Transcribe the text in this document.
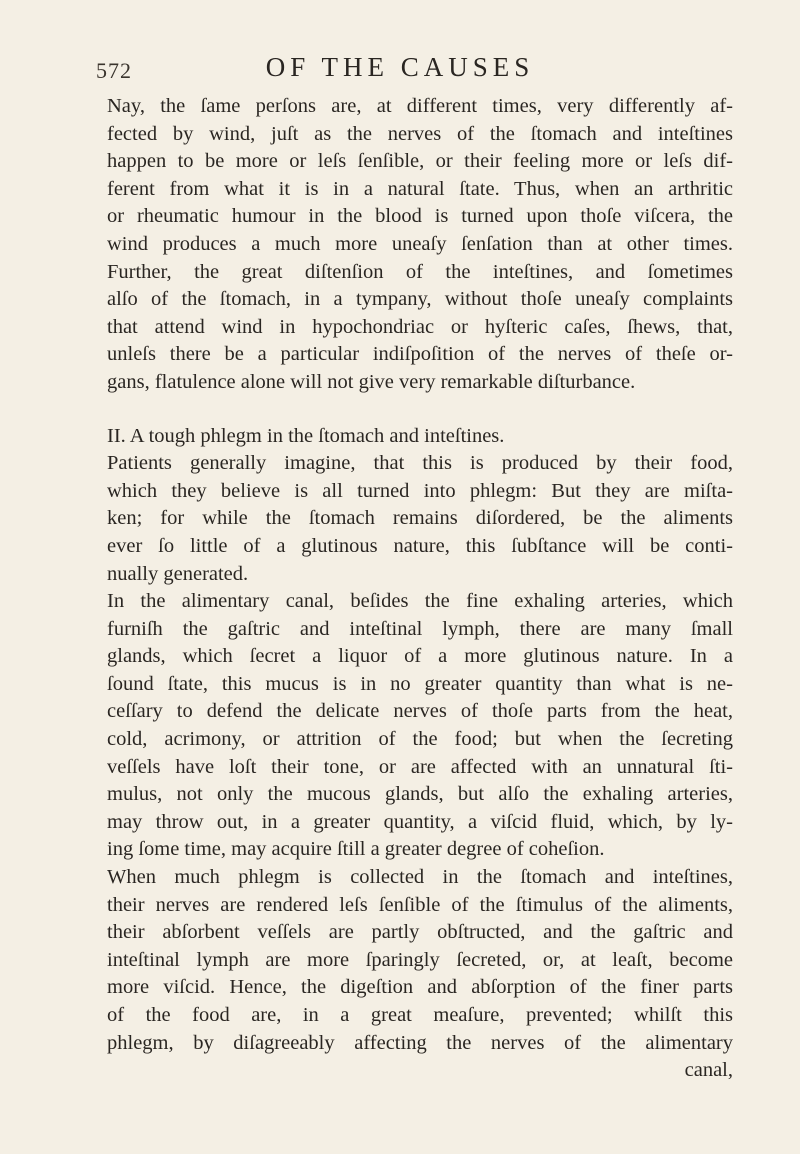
572	OF THE CAUSES
Nay, the ſame perſons are, at different times, very differently af-
fected by wind, juſt as the nerves of the ſtomach and inteſtines
happen to be more or leſs ſenſible, or their feeling more or leſs dif-
ferent from what it is in a natural ſtate. Thus, when an arthritic
or rheumatic humour in the blood is turned upon thoſe viſcera, the
wind produces a much more uneaſy ſenſation than at other times.
Further, the great diſtenſion of the inteſtines, and ſometimes
alſo of the ſtomach, in a tympany, without thoſe uneaſy complaints
that attend wind in hypochondriac or hyſteric caſes, ſhews, that,
unleſs there be a particular indiſpoſition of the nerves of theſe or-
gans, flatulence alone will not give very remarkable diſturbance.
II. A tough phlegm in the ſtomach and inteſtines.
Patients generally imagine, that this is produced by their food,
which they believe is all turned into phlegm: But they are miſta-
ken; for while the ſtomach remains diſordered, be the aliments
ever ſo little of a glutinous nature, this ſubſtance will be conti-
nually generated.
In the alimentary canal, beſides the fine exhaling arteries, which
furniſh the gaſtric and inteſtinal lymph, there are many ſmall
glands, which ſecret a liquor of a more glutinous nature. In a
ſound ſtate, this mucus is in no greater quantity than what is ne-
ceſſary to defend the delicate nerves of thoſe parts from the heat,
cold, acrimony, or attrition of the food; but when the ſecreting
veſſels have loſt their tone, or are affected with an unnatural ſti-
mulus, not only the mucous glands, but alſo the exhaling arteries,
may throw out, in a greater quantity, a viſcid fluid, which, by ly-
ing ſome time, may acquire ſtill a greater degree of coheſion.
When much phlegm is collected in the ſtomach and inteſtines,
their nerves are rendered leſs ſenſible of the ſtimulus of the aliments,
their abſorbent veſſels are partly obſtructed, and the gaſtric and
inteſtinal lymph are more ſparingly ſecreted, or, at leaſt, become
more viſcid. Hence, the digeſtion and abſorption of the finer parts
of the food are, in a great meaſure, prevented; whilſt this
phlegm, by diſagreeably affecting the nerves of the alimentary
canal,
